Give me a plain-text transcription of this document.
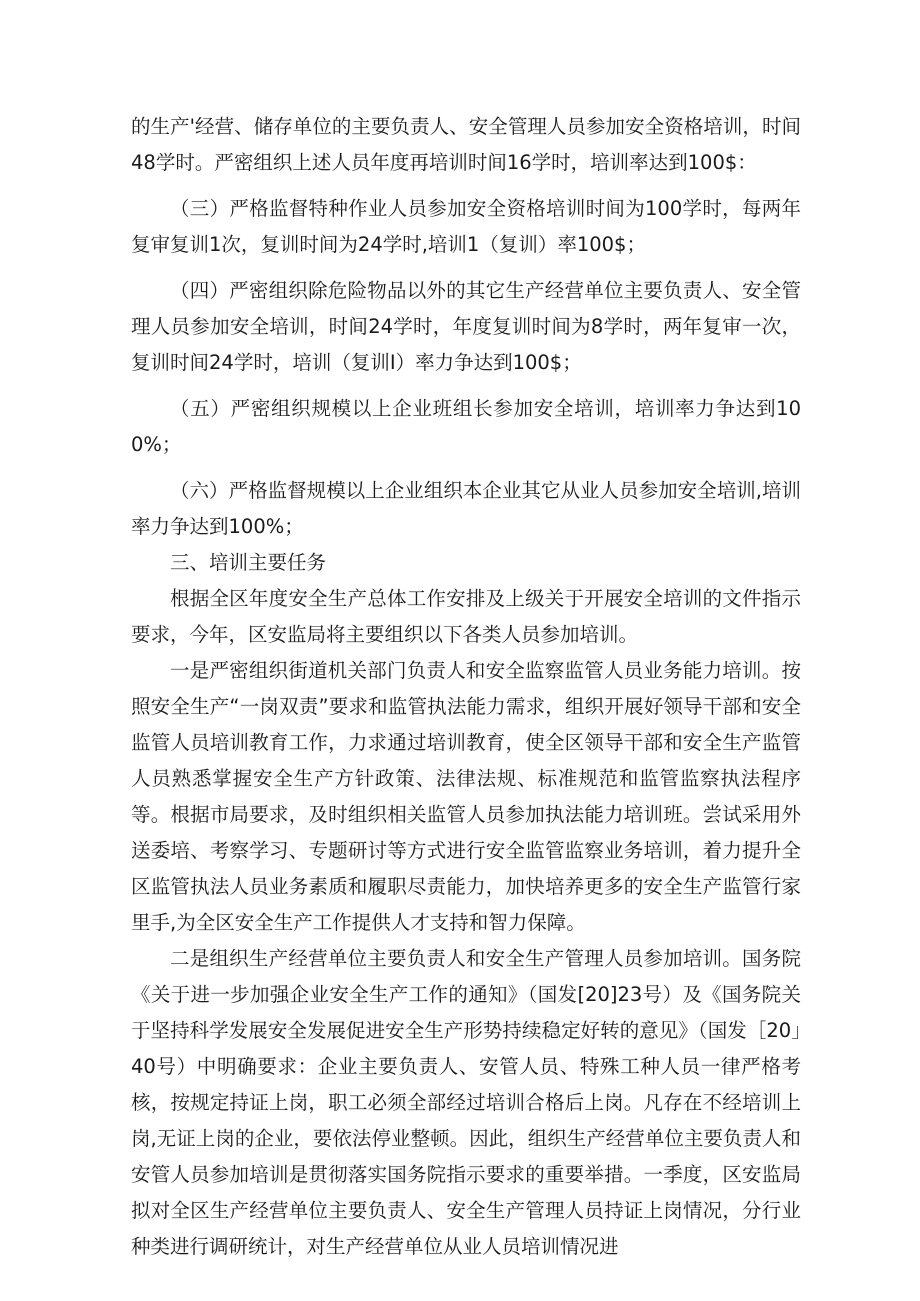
的生产'经营、储存单位的主要负责人、安全管理人员参加安全资格培训，时间48学时。严密组织上述人员年度再培训时间16学时，培训率达到100$：

（三）严格监督特种作业人员参加安全资格培训时间为100学时，每两年复审复训1次，复训时间为24学时,培训1（复训）率100$；

（四）严密组织除危险物品以外的其它生产经营单位主要负责人、安全管理人员参加安全培训，时间24学时，年度复训时间为8学时，两年复审一次，复训时间24学时，培训（复训I）率力争达到100$；

（五）严密组织规模以上企业班组长参加安全培训，培训率力争达到100%；

（六）严格监督规模以上企业组织本企业其它从业人员参加安全培训,培训率力争达到100%；

三、培训主要任务

根据全区年度安全生产总体工作安排及上级关于开展安全培训的文件指示要求，今年，区安监局将主要组织以下各类人员参加培训。

一是严密组织街道机关部门负责人和安全监察监管人员业务能力培训。按照安全生产“一岗双责”要求和监管执法能力需求，组织开展好领导干部和安全监管人员培训教育工作，力求通过培训教育，使全区领导干部和安全生产监管人员熟悉掌握安全生产方针政策、法律法规、标准规范和监管监察执法程序等。根据市局要求，及时组织相关监管人员参加执法能力培训班。尝试采用外送委培、考察学习、专题研讨等方式进行安全监管监察业务培训，着力提升全区监管执法人员业务素质和履职尽责能力，加快培养更多的安全生产监管行家里手,为全区安全生产工作提供人才支持和智力保障。

二是组织生产经营单位主要负责人和安全生产管理人员参加培训。国务院《关于进一步加强企业安全生产工作的通知》（国发[20]23号）及《国务院关于坚持科学发展安全发展促进安全生产形势持续稳定好转的意见》（国发［20」40号）中明确要求：企业主要负责人、安管人员、特殊工种人员一律严格考核，按规定持证上岗，职工必须全部经过培训合格后上岗。凡存在不经培训上岗,无证上岗的企业，要依法停业整顿。因此，组织生产经营单位主要负责人和安管人员参加培训是贯彻落实国务院指示要求的重要举措。一季度，区安监局拟对全区生产经营单位主要负责人、安全生产管理人员持证上岗情况，分行业种类进行调研统计，对生产经营单位从业人员培训情况进
